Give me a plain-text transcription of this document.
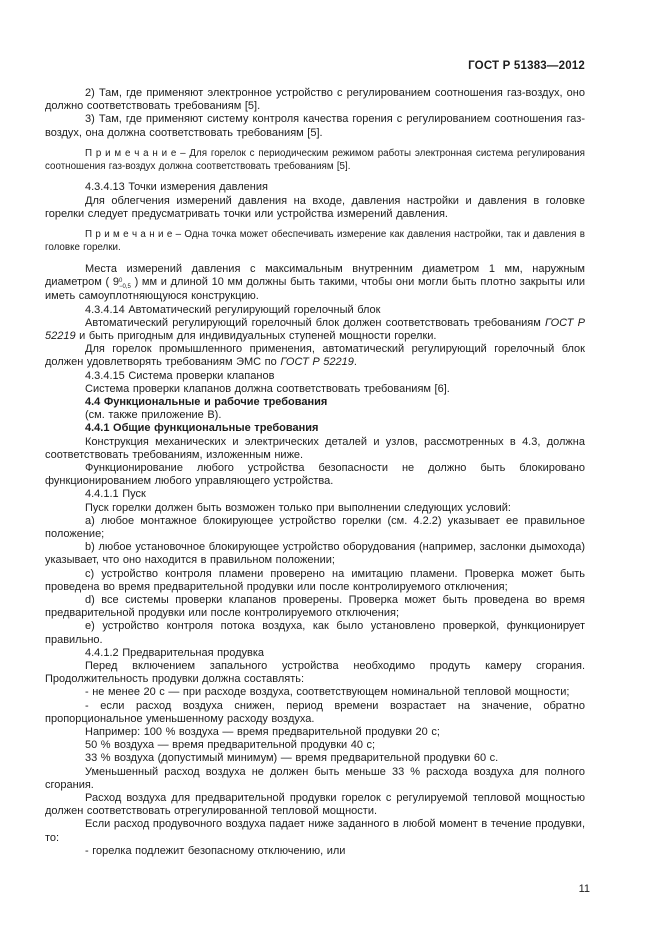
ГОСТ Р 51383—2012

2) Там, где применяют электронное устройство с регулированием соотношения газ-воздух, оно должно соответствовать требованиям [5].

3) Там, где применяют систему контроля качества горения с регулированием соотношения газ-воздух, она должна соответствовать требованиям [5].

П р и м е ч а н и е – Для горелок с периодическим режимом работы электронная система регулирования соотношения газ-воздух должна соответствовать требованиям [5].

4.3.4.13 Точки измерения давления

Для облегчения измерений давления на входе, давления настройки и давления в головке горелки следует предусматривать точки или устройства измерений давления.

П р и м е ч а н и е – Одна точка может обеспечивать измерение как давления настройки, так и давления в головке горелки.

Места измерений давления с максимальным внутренним диаметром 1 мм, наружным диаметром ( 9 0
−0,5 ) мм и длиной 10 мм должны быть такими, чтобы они могли быть плотно закрыты или иметь самоуплотняющуюся конструкцию.

4.3.4.14 Автоматический регулирующий горелочный блок

Автоматический регулирующий горелочный блок должен соответствовать требованиям ГОСТ Р 52219 и быть пригодным для индивидуальных ступеней мощности горелки.

Для горелок промышленного применения, автоматический регулирующий горелочный блок должен удовлетворять требованиям ЭМС по ГОСТ Р 52219.

4.3.4.15 Система проверки клапанов

Система проверки клапанов должна соответствовать требованиям [6].

4.4 Функциональные и рабочие требования

(см. также приложение В).

4.4.1 Общие функциональные требования

Конструкция механических и электрических деталей и узлов, рассмотренных в 4.3, должна соответствовать требованиям, изложенным ниже.

Функционирование любого устройства безопасности не должно быть блокировано функционированием любого управляющего устройства.

4.4.1.1 Пуск

Пуск горелки должен быть возможен только при выполнении следующих условий:

a) любое монтажное блокирующее устройство горелки (см. 4.2.2) указывает ее правильное положение;

b) любое установочное блокирующее устройство оборудования (например, заслонки дымохода) указывает, что оно находится в правильном положении;

c) устройство контроля пламени проверено на имитацию пламени. Проверка может быть проведена во время предварительной продувки или после контролируемого отключения;

d) все системы проверки клапанов проверены. Проверка может быть проведена во время предварительной продувки или после контролируемого отключения;

e) устройство контроля потока воздуха, как было установлено проверкой, функционирует правильно.

4.4.1.2 Предварительная продувка

Перед включением запального устройства необходимо продуть камеру сгорания. Продолжительность продувки должна составлять:

- не менее 20 с — при расходе воздуха, соответствующем номинальной тепловой мощности;

- если расход воздуха снижен, период времени возрастает на значение, обратно пропорциональное уменьшенному расходу воздуха.

Например: 100 % воздуха — время предварительной продувки 20 с;

50 % воздуха — время предварительной продувки 40 с;

33 % воздуха (допустимый минимум) — время предварительной продувки 60 с.

Уменьшенный расход воздуха не должен быть меньше 33 % расхода воздуха для полного сгорания.

Расход воздуха для предварительной продувки горелок с регулируемой тепловой мощностью должен соответствовать отрегулированной тепловой мощности.

Если расход продувочного воздуха падает ниже заданного в любой момент в течение продувки, то:

- горелка подлежит безопасному отключению, или

11
